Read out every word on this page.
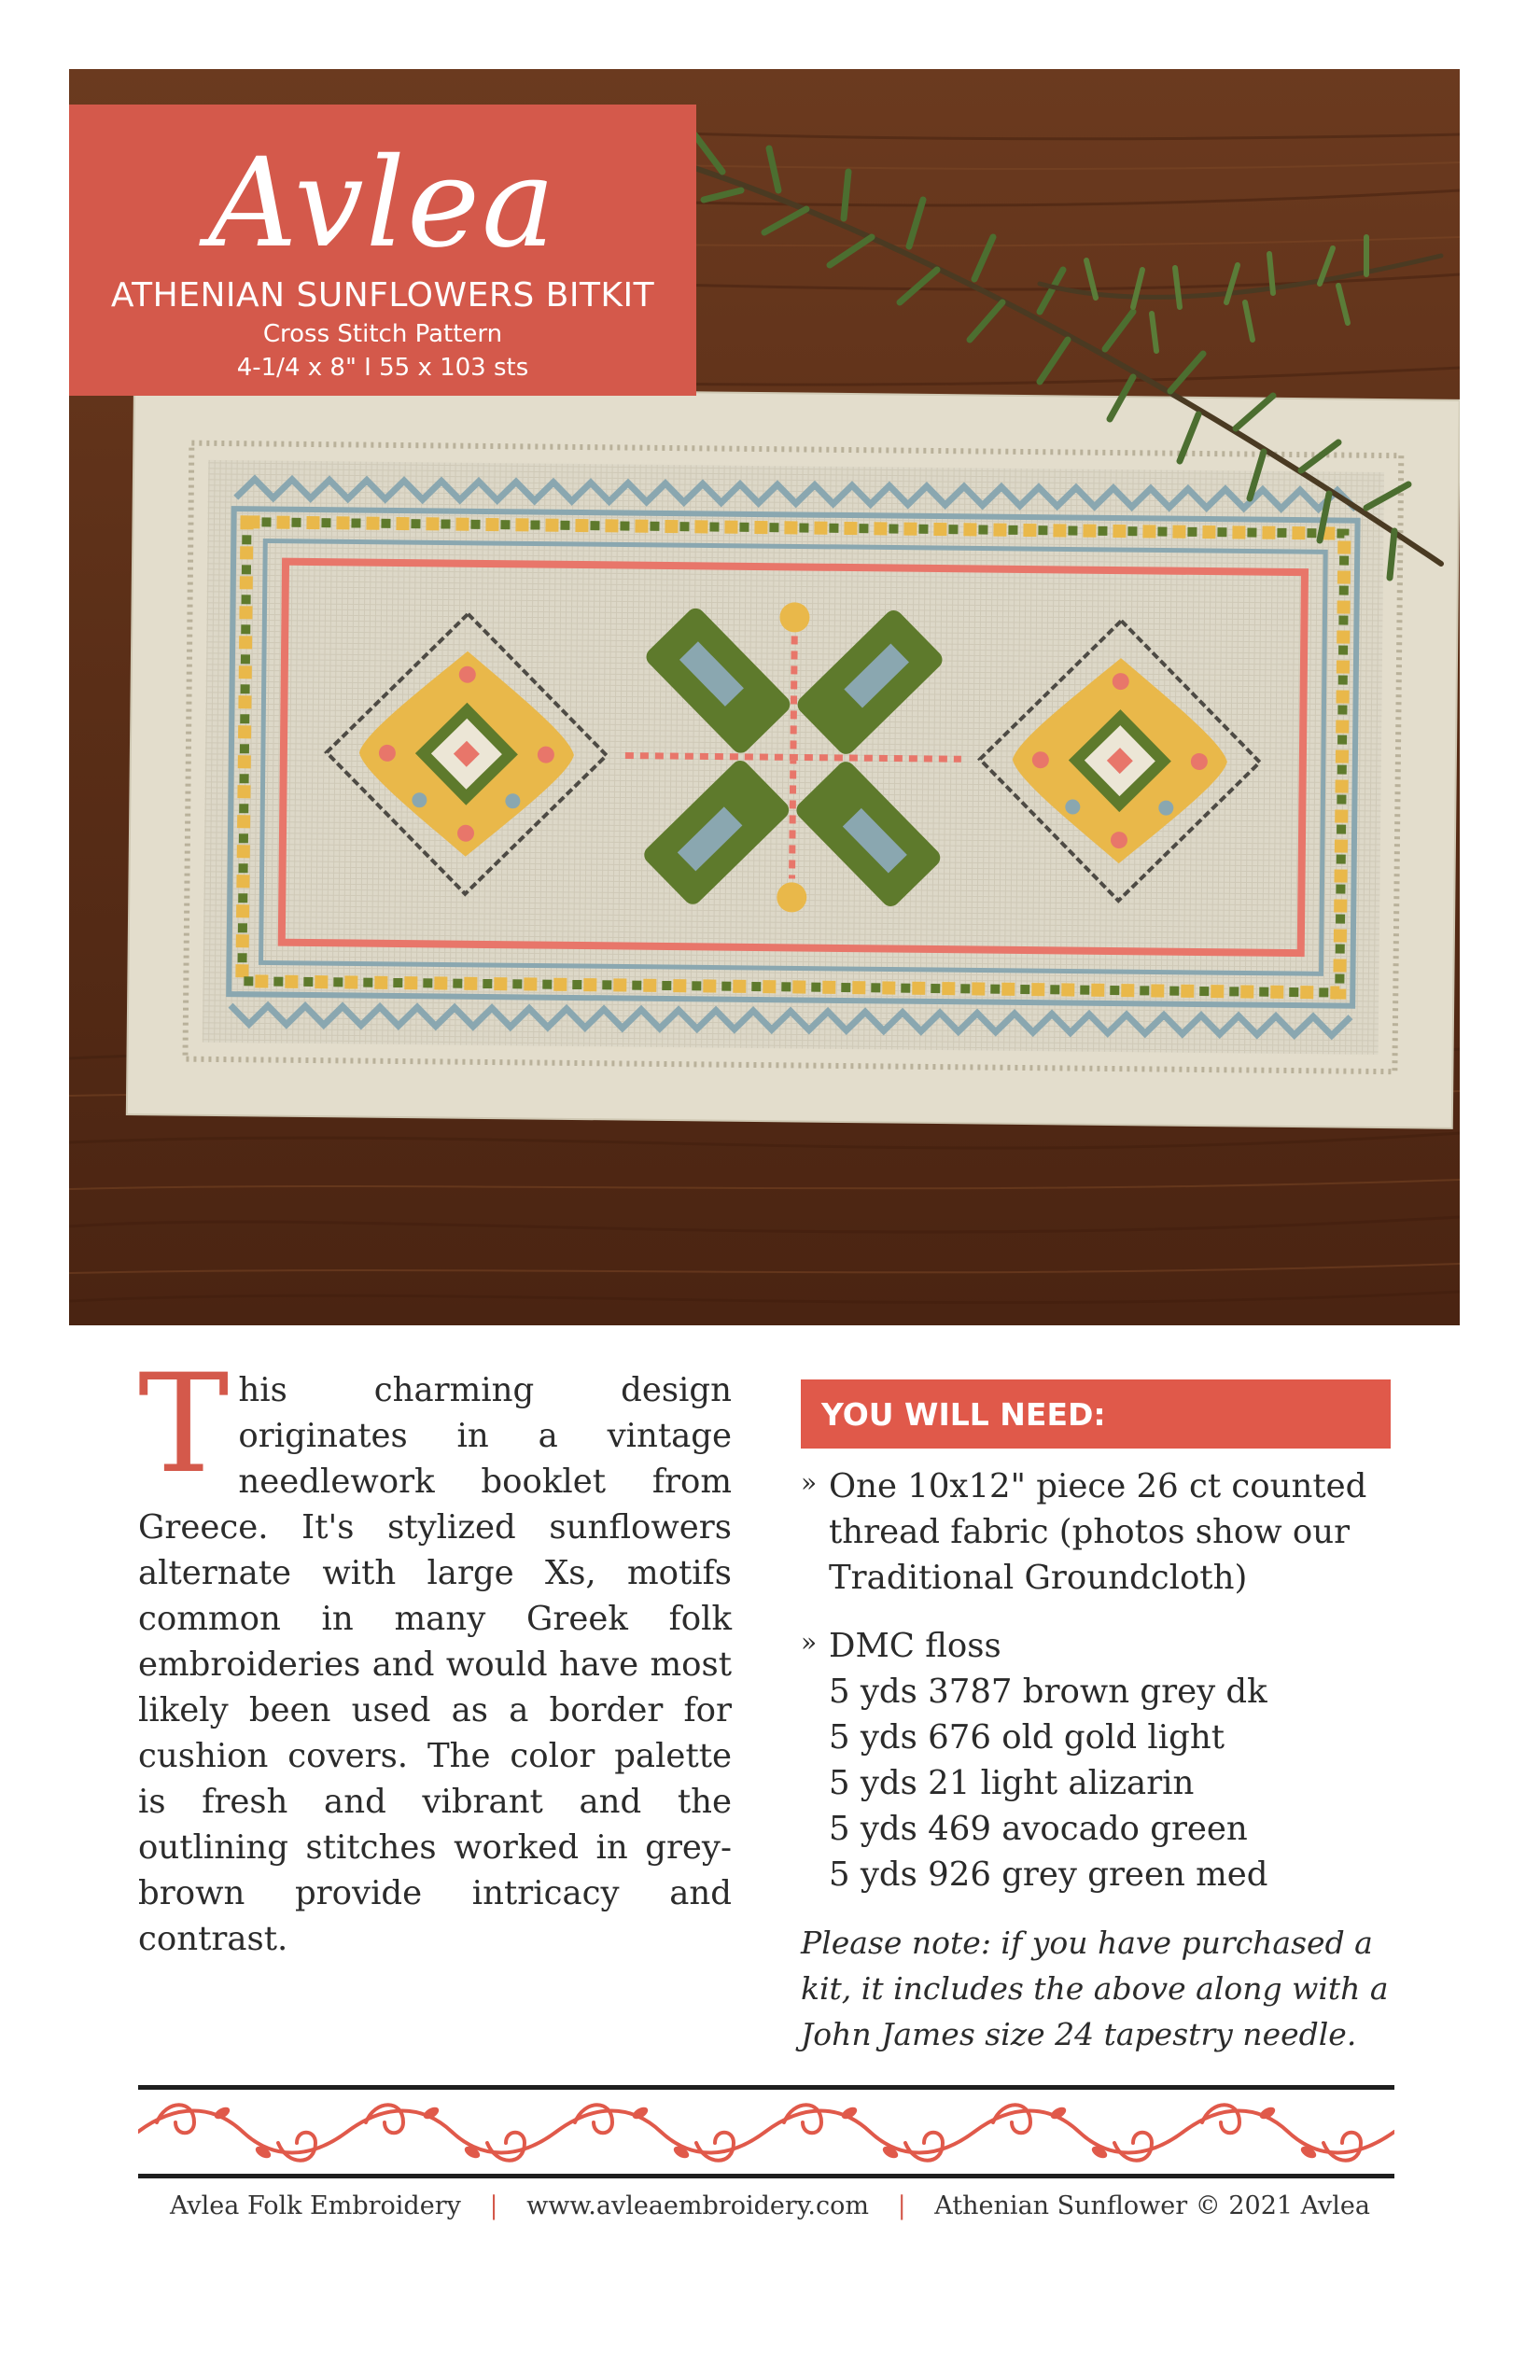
Avlea
ATHENIAN SUNFLOWERS BITKIT
Cross Stitch Pattern
4-1/4 x 8" I 55 x 103 sts
This charming design originates in a vintage needlework booklet from Greece. It's stylized sunflowers alternate with large Xs, motifs common in many Greek folk embroideries and would have most likely been used as a border for cushion covers. The color palette is fresh and vibrant and the outlining stitches worked in grey-brown provide intricacy and contrast.
YOU WILL NEED:
» One 10x12" piece 26 ct counted thread fabric (photos show our Traditional Groundcloth)
» DMC floss
5 yds 3787 brown grey dk
5 yds 676 old gold light
5 yds 21 light alizarin
5 yds 469 avocado green
5 yds 926 grey green med
Please note: if you have purchased a kit, it includes the above along with a John James size 24 tapestry needle.
Avlea Folk Embroidery | www.avleaembroidery.com | Athenian Sunflower © 2021 Avlea
